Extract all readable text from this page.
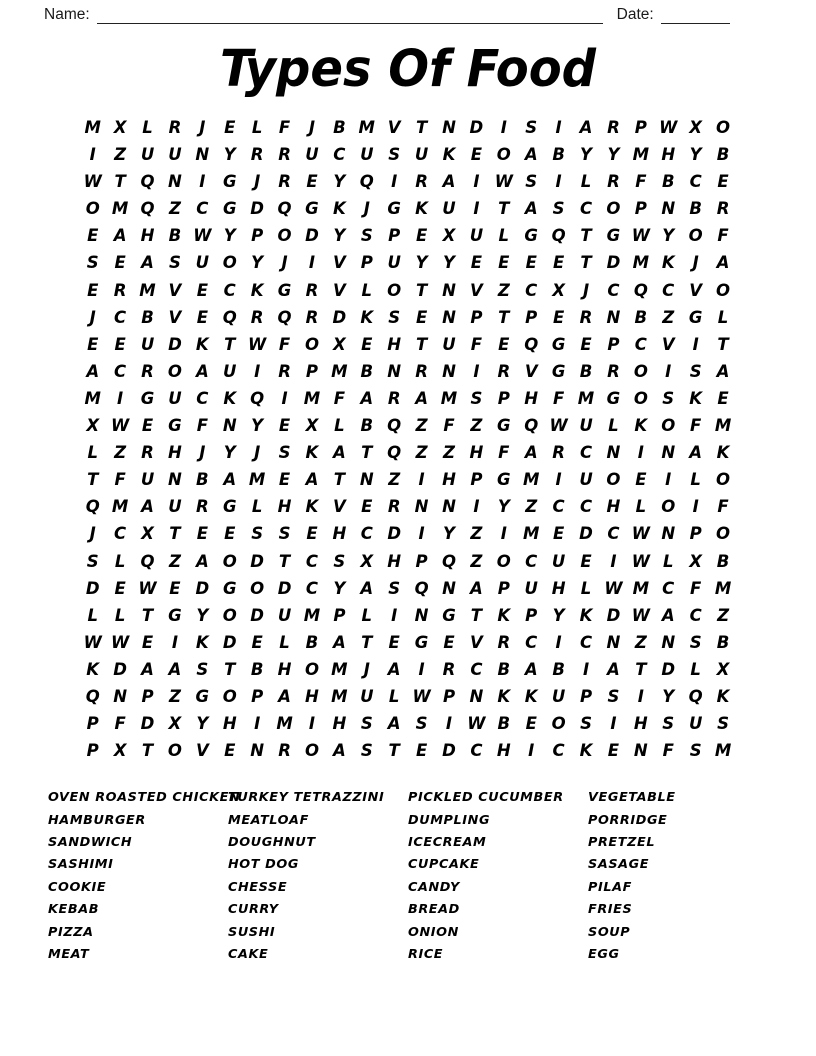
Name:	Date:
Types Of Food
M X L R	J	E	L	F	J	B M V T N D	I	S	I	A R P W X O
I	Z U U N Y R R U C U S U K E O A B Y Y M H Y B
W T Q N	I	G	J	R E Y Q	I	R A	I W S	I	L R F B C E
O M Q Z C G D Q G K	J	G K U	I	T A S C O P N B R
E A H B W Y P O D Y S P E X U L G Q T G W Y O F
S E A S U O Y	J	I	V P U Y Y E E E E T D M K	J	A
E R M V E C K G R V L O T N V Z C X	J	C Q C V O
J	C B V E Q R Q R D K S E N P T P E R N B Z G L
E E U D K T W F O X E H T U F E Q G E P C V	I	T
A C R O A U	I	R P M B N R N	I	R V G B R O	I	S A
M I	G U C K Q	I M F A R A M S P H F M G O S K E
X W E G F N Y E X L B Q Z F Z G Q W U L K O F M
L Z R H	J	Y	J	S K A T Q Z Z H F A R C N	I	N A K
T F U N B A M E A T N Z	I	H P G M I	U O E	I	L O
Q M A U R G L H K V E R N N	I	Y Z C C H L O	I	F
J	C X T E E S S E H C D	I	Y Z	I M E D C W N P O
S L Q Z A O D T C S X H P Q Z O C U E	I W L X B
D E W E D G O D C Y A S Q N A P U H L W M C F M
L	L	T G Y O D U M P L	I	N G T K P Y K D W A C Z
W W E	I	K D E	L B A T E G E V R C	I	C N Z N S B
K D A A S T B H O M J	A	I	R C B A B	I	A T D L X
Q N P Z G O P A H M U L W P N K K U P S	I	Y Q K
P F D X Y H	I M I	H S A S	I W B E O S	I	H S U S
P X T O V E N R O A S T E D C H	I	C K E N F S M
OVEN ROASTED CHICKEN
HAMBURGER
SANDWICH
SASHIMI
COOKIE
KEBAB
PIZZA
MEAT
TURKEY TETRAZZINI
MEATLOAF
DOUGHNUT
HOT DOG
CHESSE
CURRY
SUSHI
CAKE
PICKLED CUCUMBER
DUMPLING
ICECREAM
CUPCAKE
CANDY
BREAD
ONION
RICE
VEGETABLE
PORRIDGE
PRETZEL
SASAGE
PILAF
FRIES
SOUP
EGG
